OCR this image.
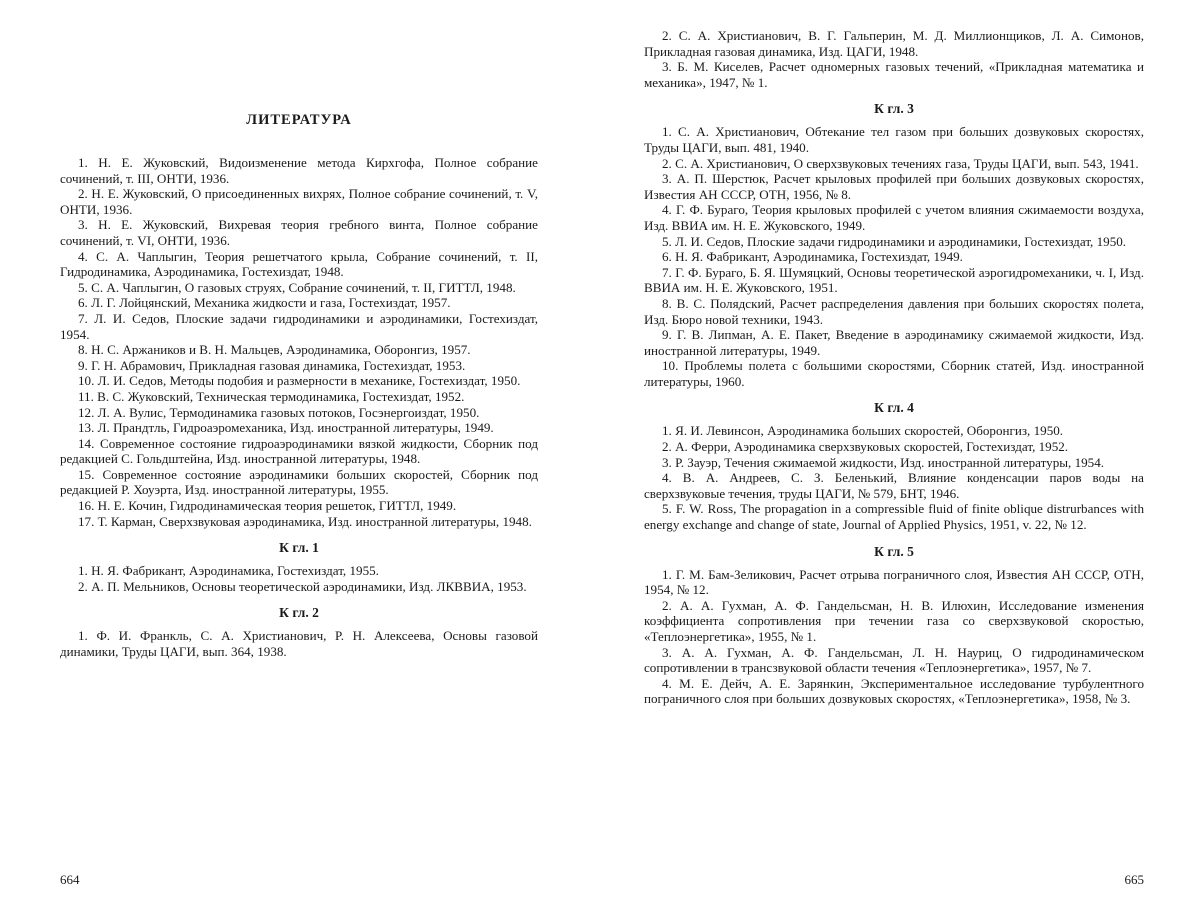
ЛИТЕРАТУРА

1. Н. Е. Жуковский, Видоизменение метода Кирхгофа, Полное собрание сочинений, т. III, ОНТИ, 1936.

2. Н. Е. Жуковский, О присоединенных вихрях, Полное собрание сочинений, т. V, ОНТИ, 1936.

3. Н. Е. Жуковский, Вихревая теория гребного винта, Полное собрание сочинений, т. VI, ОНТИ, 1936.

4. С. А. Чаплыгин, Теория решетчатого крыла, Собрание сочинений, т. II, Гидродинамика, Аэродинамика, Гостехиздат, 1948.

5. С. А. Чаплыгин, О газовых струях, Собрание сочинений, т. II, ГИТТЛ, 1948.

6. Л. Г. Лойцянский, Механика жидкости и газа, Гостехиздат, 1957.

7. Л. И. Седов, Плоские задачи гидродинамики и аэродинамики, Гостехиздат, 1954.

8. Н. С. Аржаников и В. Н. Мальцев, Аэродинамика, Оборонгиз, 1957.

9. Г. Н. Абрамович, Прикладная газовая динамика, Гостехиздат, 1953.

10. Л. И. Седов, Методы подобия и размерности в механике, Гостехиздат, 1950.

11. В. С. Жуковский, Техническая термодинамика, Гостехиздат, 1952.

12. Л. А. Вулис, Термодинамика газовых потоков, Госэнергоиздат, 1950.

13. Л. Прандтль, Гидроаэромеханика, Изд. иностранной литературы, 1949.

14. Современное состояние гидроаэродинамики вязкой жидкости, Сборник под редакцией С. Гольдштейна, Изд. иностранной литературы, 1948.

15. Современное состояние аэродинамики больших скоростей, Сборник под редакцией Р. Хоуэрта, Изд. иностранной литературы, 1955.

16. Н. Е. Кочин, Гидродинамическая теория решеток, ГИТТЛ, 1949.

17. Т. Карман, Сверхзвуковая аэродинамика, Изд. иностранной литературы, 1948.

К гл. 1

1. Н. Я. Фабрикант, Аэродинамика, Гостехиздат, 1955.

2. А. П. Мельников, Основы теоретической аэродинамики, Изд. ЛКВВИА, 1953.

К гл. 2

1. Ф. И. Франкль, С. А. Христианович, Р. Н. Алексеева, Основы газовой динамики, Труды ЦАГИ, вып. 364, 1938.

664

2. С. А. Христианович, В. Г. Гальперин, М. Д. Миллионщиков, Л. А. Симонов, Прикладная газовая динамика, Изд. ЦАГИ, 1948.

3. Б. М. Киселев, Расчет одномерных газовых течений, «Прикладная математика и механика», 1947, № 1.

К гл. 3

1. С. А. Христианович, Обтекание тел газом при больших дозвуковых скоростях, Труды ЦАГИ, вып. 481, 1940.

2. С. А. Христианович, О сверхзвуковых течениях газа, Труды ЦАГИ, вып. 543, 1941.

3. А. П. Шерстюк, Расчет крыловых профилей при больших дозвуковых скоростях, Известия АН СССР, ОТН, 1956, № 8.

4. Г. Ф. Бураго, Теория крыловых профилей с учетом влияния сжимаемости воздуха, Изд. ВВИА им. Н. Е. Жуковского, 1949.

5. Л. И. Седов, Плоские задачи гидродинамики и аэродинамики, Гостехиздат, 1950.

6. Н. Я. Фабрикант, Аэродинамика, Гостехиздат, 1949.

7. Г. Ф. Бураго, Б. Я. Шумяцкий, Основы теоретической аэрогидромеханики, ч. I, Изд. ВВИА им. Н. Е. Жуковского, 1951.

8. В. С. Полядский, Расчет распределения давления при больших скоростях полета, Изд. Бюро новой техники, 1943.

9. Г. В. Липман, А. Е. Пакет, Введение в аэродинамику сжимаемой жидкости, Изд. иностранной литературы, 1949.

10. Проблемы полета с большими скоростями, Сборник статей, Изд. иностранной литературы, 1960.

К гл. 4

1. Я. И. Левинсон, Аэродинамика больших скоростей, Оборонгиз, 1950.

2. А. Ферри, Аэродинамика сверхзвуковых скоростей, Гостехиздат, 1952.

3. Р. Зауэр, Течения сжимаемой жидкости, Изд. иностранной литературы, 1954.

4. В. А. Андреев, С. З. Беленький, Влияние конденсации паров воды на сверхзвуковые течения, труды ЦАГИ, № 579, БНТ, 1946.

5. F. W. Ross, The propagation in a compressible fluid of finite oblique distrurbances with energy exchange and change of state, Journal of Applied Physics, 1951, v. 22, № 12.

К гл. 5

1. Г. М. Бам-Зеликович, Расчет отрыва пограничного слоя, Известия АН СССР, ОТН, 1954, № 12.

2. А. А. Гухман, А. Ф. Гандельсман, Н. В. Илюхин, Исследование изменения коэффициента сопротивления при течении газа со сверхзвуковой скоростью, «Теплоэнергетика», 1955, № 1.

3. А. А. Гухман, А. Ф. Гандельсман, Л. Н. Науриц, О гидродинамическом сопротивлении в трансзвуковой области течения «Теплоэнергетика», 1957, № 7.

4. М. Е. Дейч, А. Е. Зарянкин, Экспериментальное исследование турбулентного пограничного слоя при больших дозвуковых скоростях, «Теплоэнергетика», 1958, № 3.

665
